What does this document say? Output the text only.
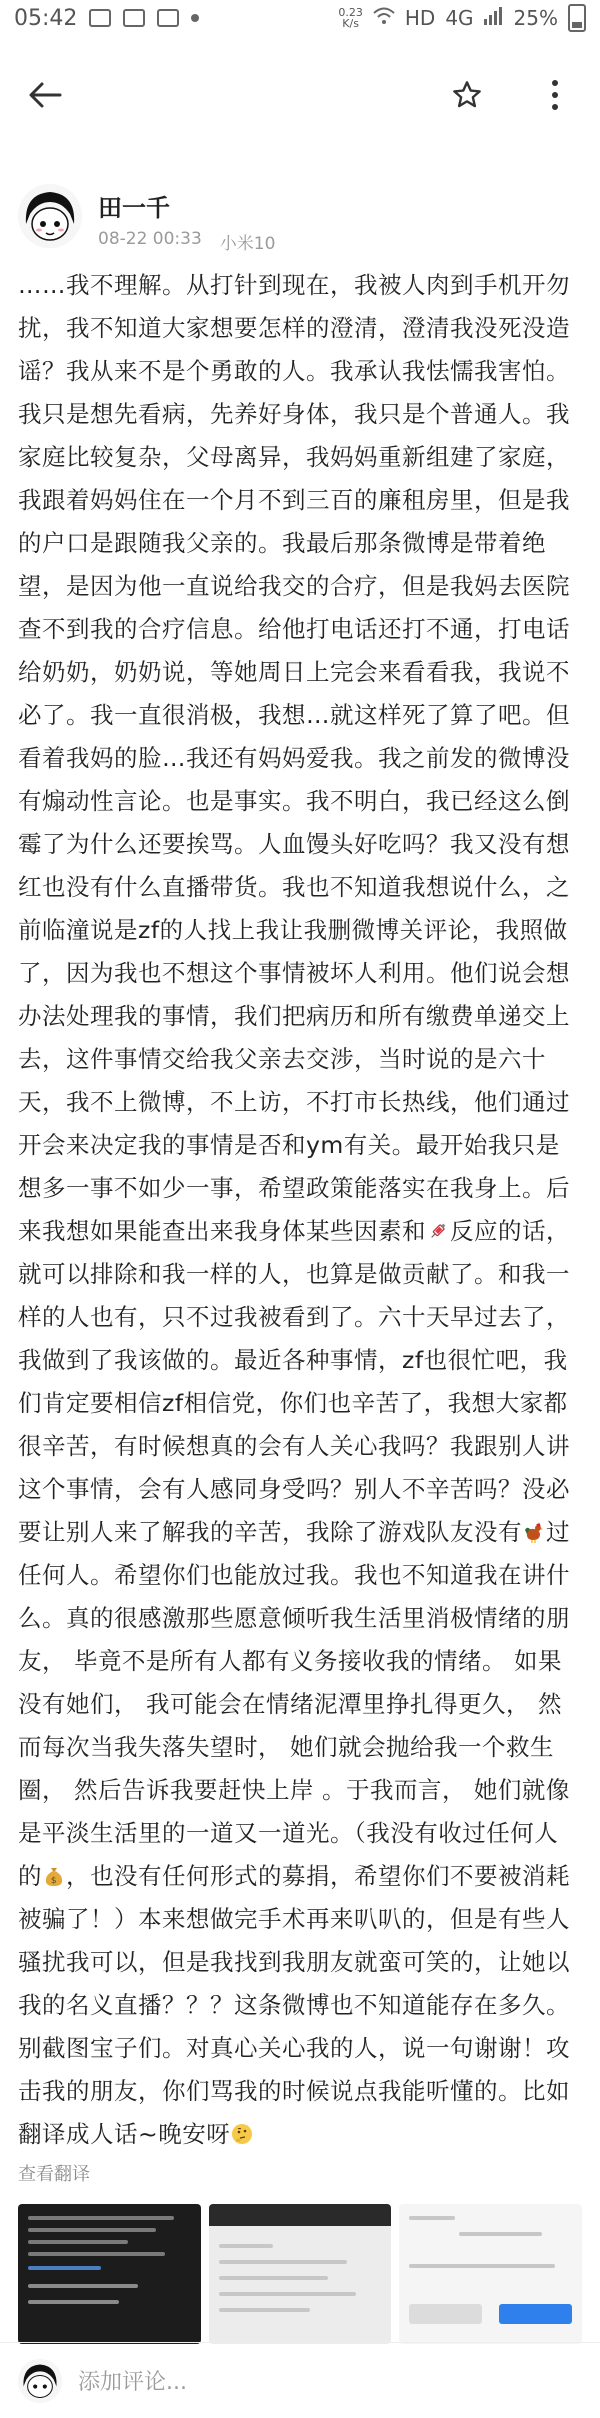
05:42	0.23
K/s HD 4G 25%
田一千
08-22 00:33 小米10

……我不理解。从打针到现在，我被人肉到手机开勿扰，我不知道大家想要怎样的澄清，澄清我没死没造谣？我从来不是个勇敢的人。我承认我怯懦我害怕。我只是想先看病，先养好身体，我只是个普通人。我家庭比较复杂，父母离异，我妈妈重新组建了家庭，我跟着妈妈住在一个月不到三百的廉租房里，但是我的户口是跟随我父亲的。我最后那条微博是带着绝望，是因为他一直说给我交的合疗，但是我妈去医院查不到我的合疗信息。给他打电话还打不通，打电话给奶奶，奶奶说，等她周日上完会来看看我，我说不必了。我一直很消极，我想…就这样死了算了吧。但看着我妈的脸…我还有妈妈爱我。我之前发的微博没有煽动性言论。也是事实。我不明白，我已经这么倒霉了为什么还要挨骂。人血馒头好吃吗？我又没有想红也没有什么直播带货。我也不知道我想说什么，之前临潼说是zf的人找上我让我删微博关评论，我照做了，因为我也不想这个事情被坏人利用。他们说会想办法处理我的事情，我们把病历和所有缴费单递交上去，这件事情交给我父亲去交涉，当时说的是六十天，我不上微博，不上访，不打市长热线，他们通过开会来决定我的事情是否和ym有关。最开始我只是想多一事不如少一事，希望政策能落实在我身上。后来我想如果能查出来我身体某些因素和 反应的话，就可以排除和我一样的人，也算是做贡献了。和我一样的人也有，只不过我被看到了。六十天早过去了，我做到了我该做的。最近各种事情，zf也很忙吧，我们肯定要相信zf相信党，你们也辛苦了，我想大家都很辛苦，有时候想真的会有人关心我吗？我跟别人讲这个事情，会有人感同身受吗？别人不辛苦吗？没必要让别人来了解我的辛苦，我除了游戏队友没有 过任何人。希望你们也能放过我。我也不知道我在讲什么。真的很感激那些愿意倾听我生活里消极情绪的朋友， 毕竟不是所有人都有义务接收我的情绪。 如果没有她们， 我可能会在情绪泥潭里挣扎得更久， 然而每次当我失落失望时， 她们就会抛给我一个救生圈， 然后告诉我要赶快上岸 。于我而言， 她们就像是平淡生活里的一道又一道光。（我没有收过任何人的 $ ，也没有任何形式的募捐，希望你们不要被消耗被骗了！）本来想做完手术再来叭叭的，但是有些人骚扰我可以，但是我找到我朋友就蛮可笑的，让她以我的名义直播？？？这条微博也不知道能存在多久。别截图宝子们。对真心关心我的人，说一句谢谢！攻击我的朋友，你们骂我的时候说点我能听懂的。比如翻译成人话~晚安呀

查看翻译
添加评论...
